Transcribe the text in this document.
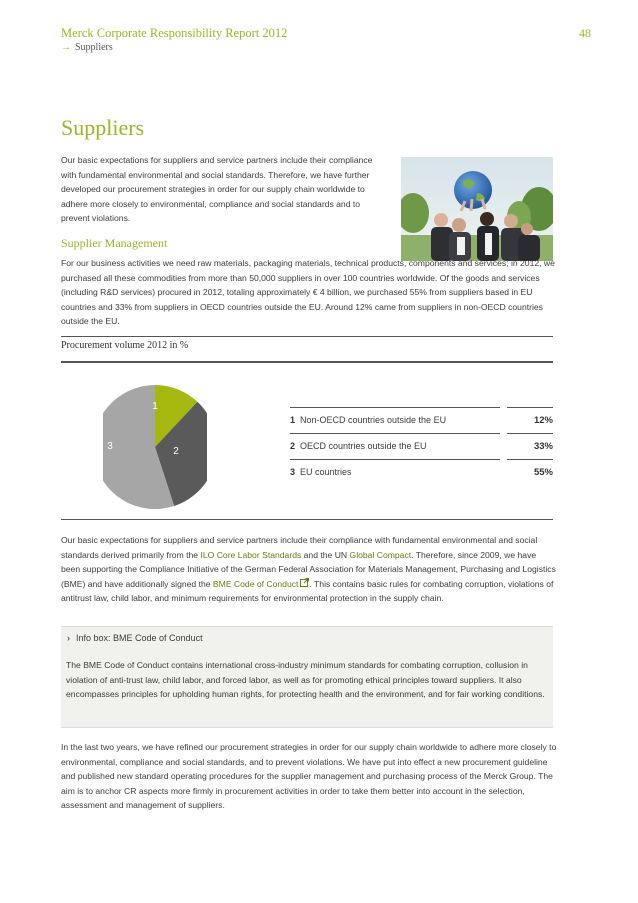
Merck Corporate Responsibility Report 2012	48
→ Suppliers
Suppliers
Our basic expectations for suppliers and service partners include their compliance with fundamental environmental and social standards. Therefore, we have further developed our procurement strategies in order for our supply chain worldwide to adhere more closely to environmental, compliance and social standards and to prevent violations.
Supplier Management
For our business activities we need raw materials, packaging materials, technical products, components and services; in 2012, we purchased all these commodities from more than 50,000 suppliers in over 100 countries worldwide. Of the goods and services (including R&D services) procured in 2012, totaling approximately € 4 billion, we purchased 55% from suppliers based in EU countries and 33% from suppliers in OECD countries outside the EU. Around 12% came from suppliers in non-OECD countries outside the EU.
Procurement volume 2012 in %
1
2
3
1 Non-OECD countries outside the EU	12%
2 OECD countries outside the EU	33%
3 EU countries	55%
Our basic expectations for suppliers and service partners include their compliance with fundamental environmental and social standards derived primarily from the ILO Core Labor Standards and the UN Global Compact. Therefore, since 2009, we have been supporting the Compliance Initiative of the German Federal Association for Materials Management, Purchasing and Logistics (BME) and have additionally signed the BME Code of Conduct . This contains basic rules for combating corruption, violations of antitrust law, child labor, and minimum requirements for environmental protection in the supply chain.
› Info box: BME Code of Conduct
The BME Code of Conduct contains international cross-industry minimum standards for combating corruption, collusion in violation of anti-trust law, child labor, and forced labor, as well as for promoting ethical principles toward suppliers. It also encompasses principles for upholding human rights, for protecting health and the environment, and for fair working conditions.
In the last two years, we have refined our procurement strategies in order for our supply chain worldwide to adhere more closely to environmental, compliance and social standards, and to prevent violations. We have put into effect a new procurement guideline and published new standard operating procedures for the supplier management and purchasing process of the Merck Group. The aim is to anchor CR aspects more firmly in procurement activities in order to take them better into account in the selection, assessment and management of suppliers.
